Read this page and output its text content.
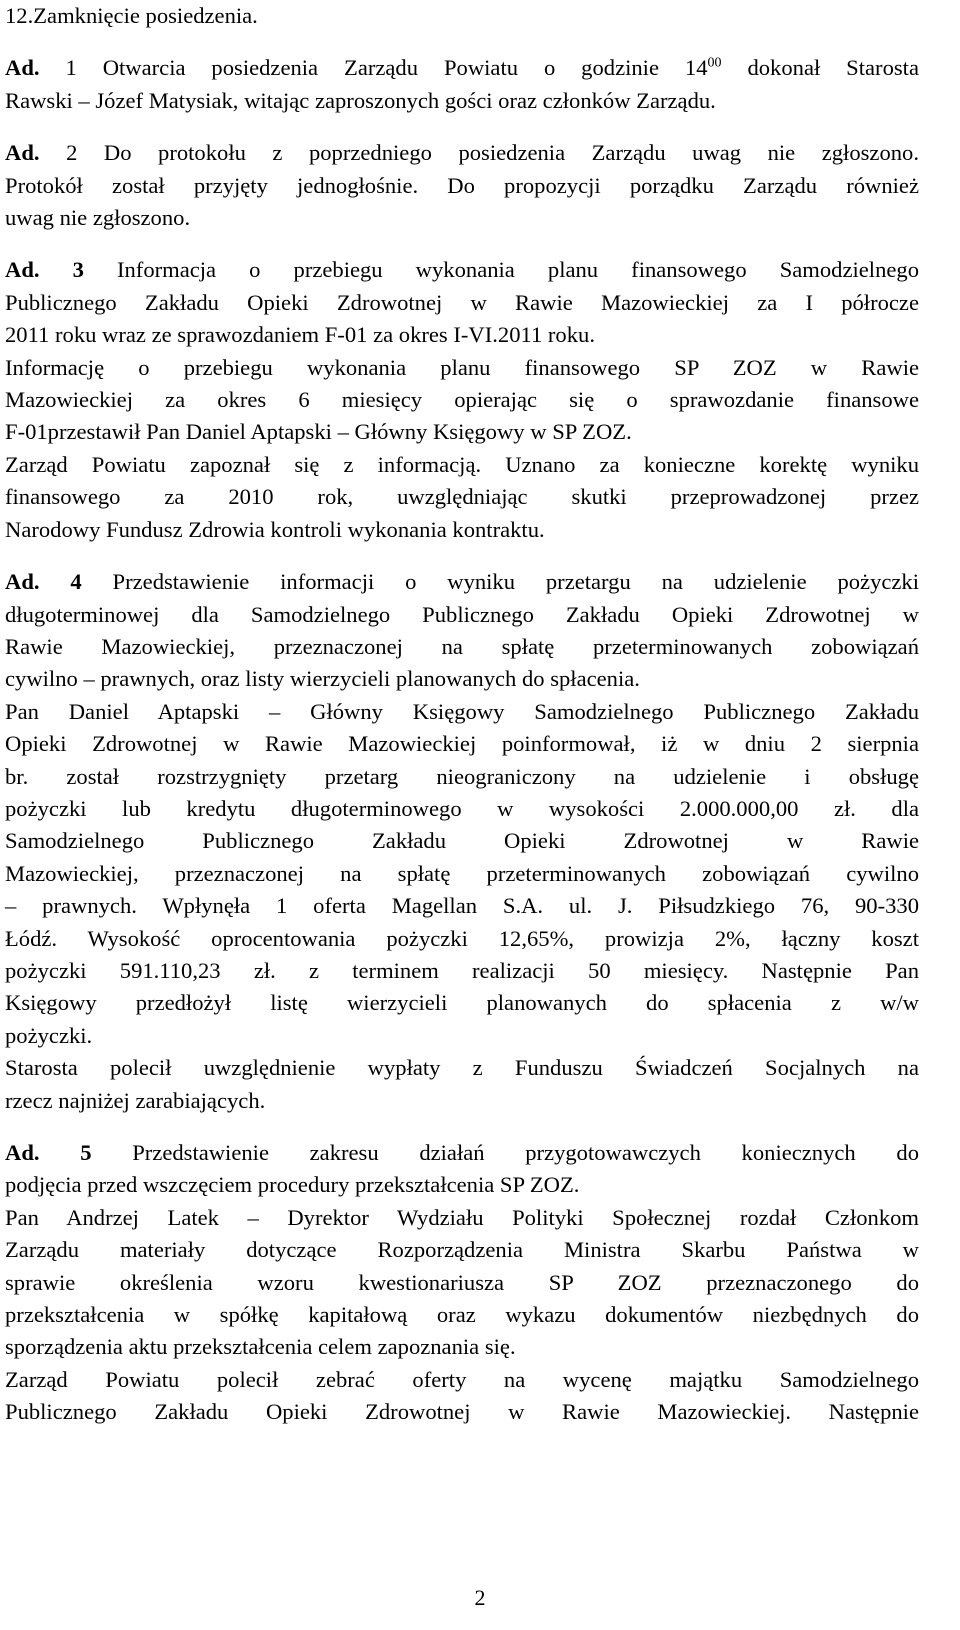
12.Zamknięcie posiedzenia.
Ad. 1 Otwarcia posiedzenia Zarządu Powiatu o godzinie $14^{00}$ dokonał Starosta
Rawski – Józef Matysiak, witając zaproszonych gości oraz członków Zarządu.
Ad. 2 Do protokołu z poprzedniego posiedzenia Zarządu uwag nie zgłoszono.
Protokół został przyjęty jednogłośnie. Do propozycji porządku Zarządu również
uwag nie zgłoszono.
Ad. 3 Informacja o przebiegu wykonania planu finansowego Samodzielnego
Publicznego Zakładu Opieki Zdrowotnej w Rawie Mazowieckiej za I półrocze
2011 roku wraz ze sprawozdaniem F-01 za okres I-VI.2011 roku.
Informację o przebiegu wykonania planu finansowego SP ZOZ w Rawie
Mazowieckiej za okres 6 miesięcy opierając się o sprawozdanie finansowe
F-01przestawił Pan Daniel Aptapski – Główny Księgowy w SP ZOZ.
Zarząd Powiatu zapoznał się z informacją. Uznano za konieczne korektę wyniku
finansowego za 2010 rok, uwzględniając skutki przeprowadzonej przez
Narodowy Fundusz Zdrowia kontroli wykonania kontraktu.
Ad. 4 Przedstawienie informacji o wyniku przetargu na udzielenie pożyczki
długoterminowej dla Samodzielnego Publicznego Zakładu Opieki Zdrowotnej w
Rawie Mazowieckiej, przeznaczonej na spłatę przeterminowanych zobowiązań
cywilno – prawnych, oraz listy wierzycieli planowanych do spłacenia.
Pan Daniel Aptapski – Główny Księgowy Samodzielnego Publicznego Zakładu
Opieki Zdrowotnej w Rawie Mazowieckiej poinformował, iż w dniu 2 sierpnia
br. został rozstrzygnięty przetarg nieograniczony na udzielenie i obsługę
pożyczki lub kredytu długoterminowego w wysokości 2.000.000,00 zł. dla
Samodzielnego Publicznego Zakładu Opieki Zdrowotnej w Rawie
Mazowieckiej, przeznaczonej na spłatę przeterminowanych zobowiązań cywilno
– prawnych. Wpłynęła 1 oferta Magellan S.A. ul. J. Piłsudzkiego 76, 90-330
Łódź. Wysokość oprocentowania pożyczki 12,65%, prowizja 2%, łączny koszt
pożyczki 591.110,23 zł. z terminem realizacji 50 miesięcy. Następnie Pan
Księgowy przedłożył listę wierzycieli planowanych do spłacenia z w/w
pożyczki.
Starosta polecił uwzględnienie wypłaty z Funduszu Świadczeń Socjalnych na
rzecz najniżej zarabiających.
Ad. 5 Przedstawienie zakresu działań przygotowawczych koniecznych do
podjęcia przed wszczęciem procedury przekształcenia SP ZOZ.
Pan Andrzej Latek – Dyrektor Wydziału Polityki Społecznej rozdał Członkom
Zarządu materiały dotyczące Rozporządzenia Ministra Skarbu Państwa w
sprawie określenia wzoru kwestionariusza SP ZOZ przeznaczonego do
przekształcenia w spółkę kapitałową oraz wykazu dokumentów niezbędnych do
sporządzenia aktu przekształcenia celem zapoznania się.
Zarząd Powiatu polecił zebrać oferty na wycenę majątku Samodzielnego
Publicznego Zakładu Opieki Zdrowotnej w Rawie Mazowieckiej. Następnie
2
